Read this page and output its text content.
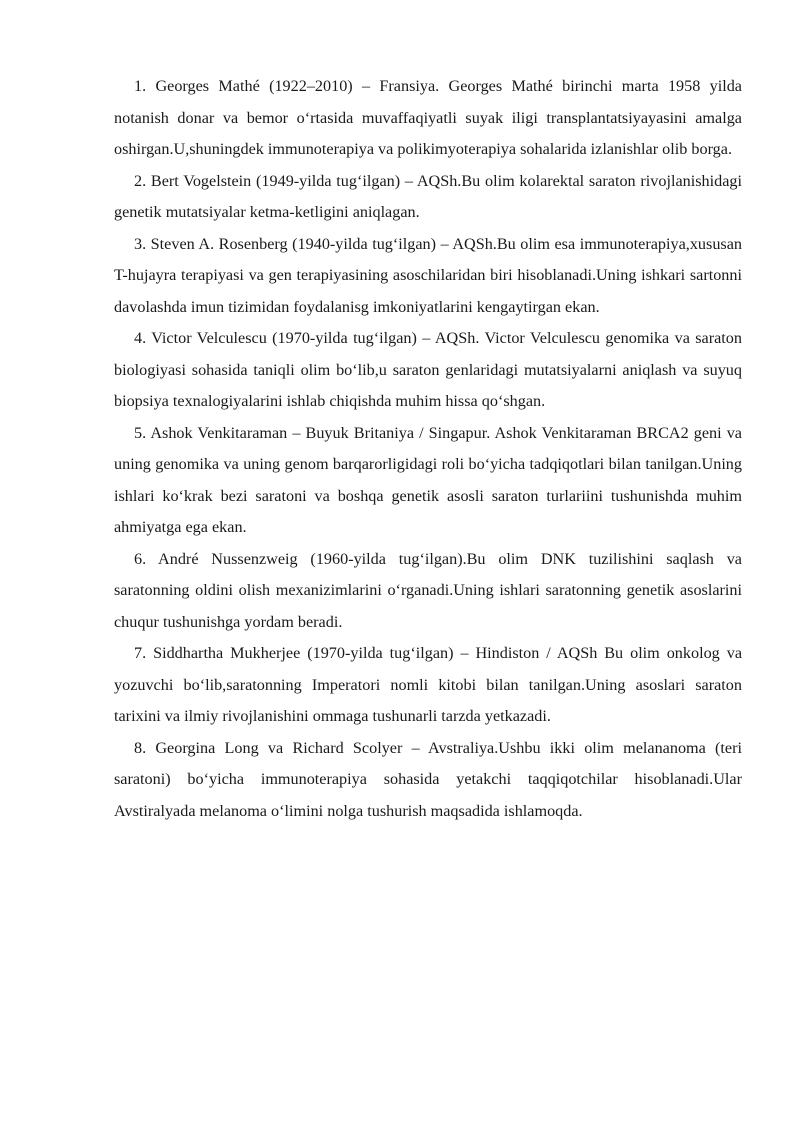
1. Georges Mathé (1922–2010) – Fransiya. Georges Mathé birinchi marta 1958 yilda notanish donar va bemor o‘rtasida muvaffaqiyatli suyak iligi transplantatsiyayasini amalga oshirgan.U,shuningdek immunoterapiya va polikimyoterapiya sohalarida izlanishlar olib borga.

2. Bert Vogelstein (1949-yilda tug‘ilgan) – AQSh.Bu olim kolarektal saraton rivojlanishidagi genetik mutatsiyalar ketma-ketligini aniqlagan.

3. Steven A. Rosenberg (1940-yilda tug‘ilgan) – AQSh.Bu olim esa immunoterapiya,xususan T-hujayra terapiyasi va gen terapiyasining asoschilaridan biri hisoblanadi.Uning ishkari sartonni davolashda imun tizimidan foydalanisg imkoniyatlarini kengaytirgan ekan.

4. Victor Velculescu (1970-yilda tug‘ilgan) – AQSh. Victor Velculescu genomika va saraton biologiyasi sohasida taniqli olim bo‘lib,u saraton genlaridagi mutatsiyalarni aniqlash va suyuq biopsiya texnalogiyalarini ishlab chiqishda muhim hissa qo‘shgan.

5. Ashok Venkitaraman – Buyuk Britaniya / Singapur. Ashok Venkitaraman BRCA2 geni va uning genomika va uning genom barqarorligidagi roli bo‘yicha tadqiqotlari bilan tanilgan.Uning ishlari ko‘krak bezi saratoni va boshqa genetik asosli saraton turlariini tushunishda muhim ahmiyatga ega ekan.

6. André Nussenzweig (1960-yilda tug‘ilgan).Bu olim DNK tuzilishini saqlash va saratonning oldini olish mexanizimlarini o‘rganadi.Uning ishlari saratonning genetik asoslarini chuqur tushunishga yordam beradi.

7. Siddhartha Mukherjee (1970-yilda tug‘ilgan) – Hindiston / AQSh Bu olim onkolog va yozuvchi bo‘lib,saratonning Imperatori nomli kitobi bilan tanilgan.Uning asoslari saraton tarixini va ilmiy rivojlanishini ommaga tushunarli tarzda yetkazadi.

8. Georgina Long va Richard Scolyer – Avstraliya.Ushbu ikki olim melananoma (teri saratoni) bo‘yicha immunoterapiya sohasida yetakchi taqqiqotchilar hisoblanadi.Ular Avstiralyada melanoma o‘limini nolga tushurish maqsadida ishlamoqda.
